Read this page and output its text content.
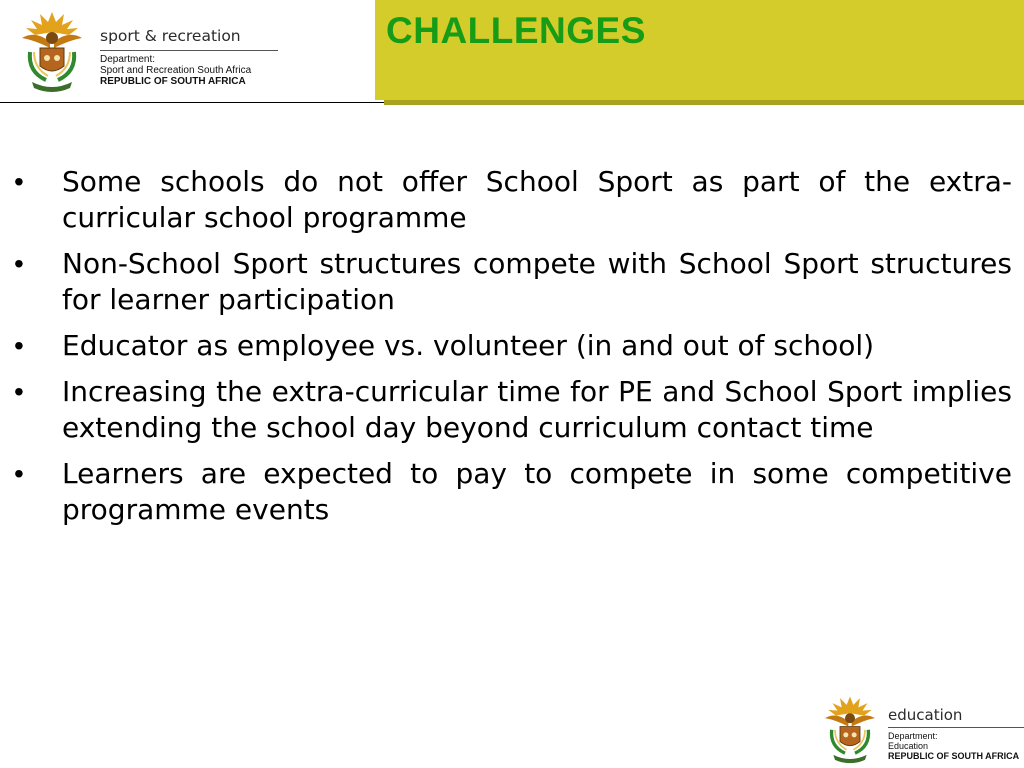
sport & recreation
Department:
Sport and Recreation South Africa
REPUBLIC OF SOUTH AFRICA
CHALLENGES
•	Some schools do not offer School Sport as part of the extra-curricular school programme
•	Non-School Sport structures compete with School Sport structures for learner participation
•	Educator as employee vs. volunteer (in and out of school)
•	Increasing the extra-curricular time for PE and School Sport implies extending the school day beyond curriculum contact time
•	Learners are expected to pay to compete in some competitive programme events
education
Department:
Education
REPUBLIC OF SOUTH AFRICA
